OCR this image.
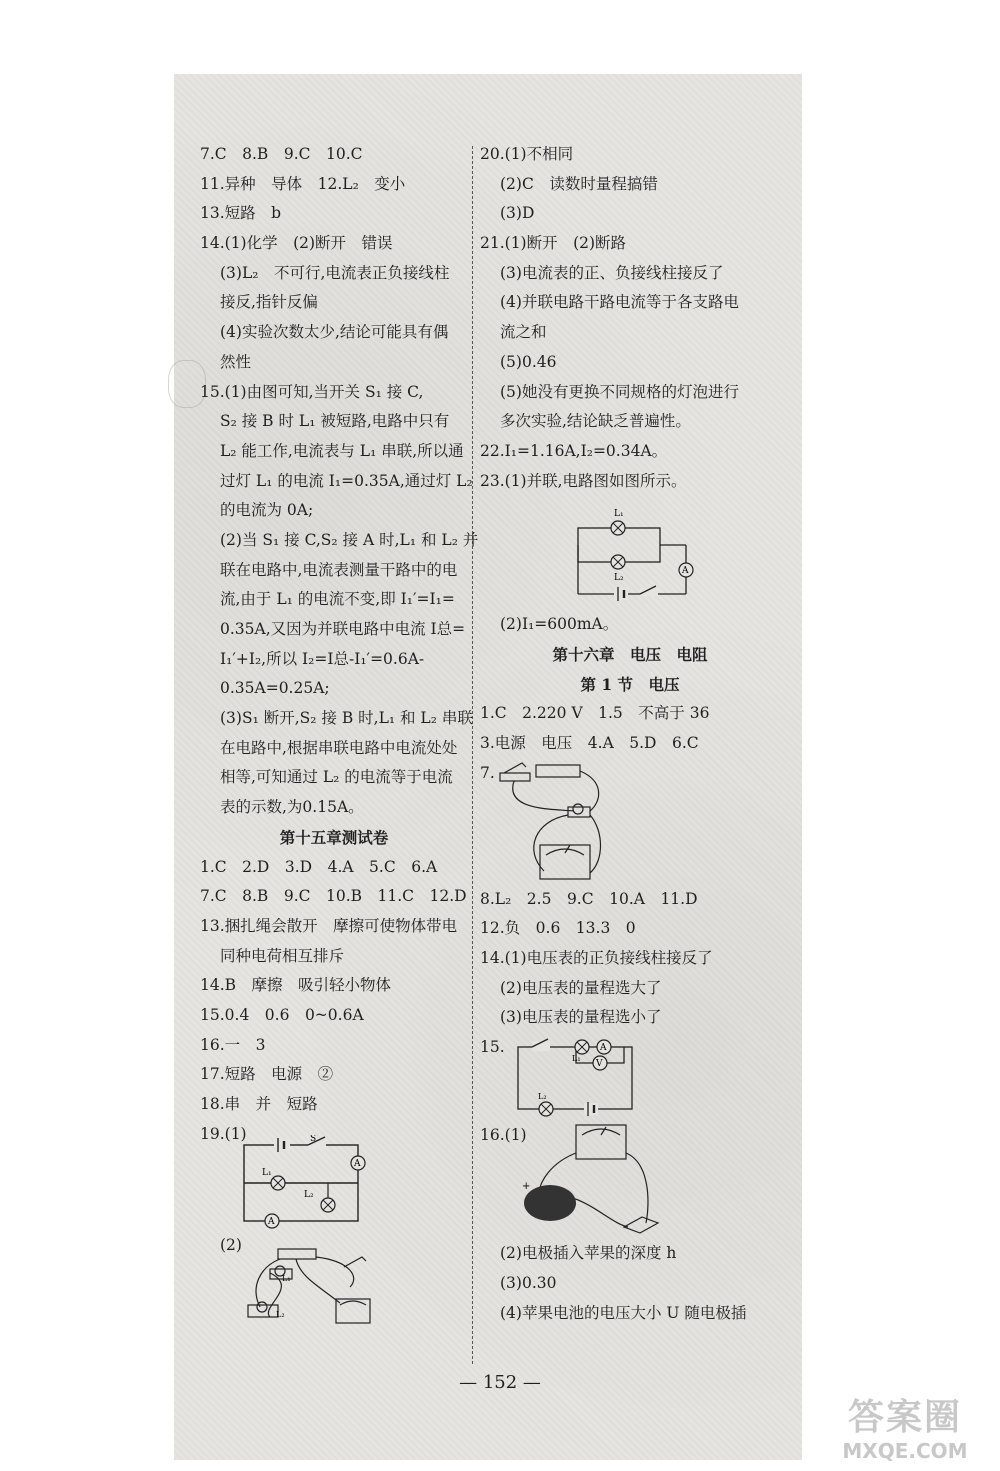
7.C　8.B　9.C　10.C
11.异种　导体　12.L₂　变小
13.短路　b
14.(1)化学　(2)断开　错误
(3)L₂　不可行,电流表正负接线柱
接反,指针反偏
(4)实验次数太少,结论可能具有偶
然性
15.(1)由图可知,当开关 S₁ 接 C,
S₂ 接 B 时 L₁ 被短路,电路中只有
L₂ 能工作,电流表与 L₁ 串联,所以通
过灯 L₁ 的电流 I₁=0.35A,通过灯 L₂
的电流为 0A;
(2)当 S₁ 接 C,S₂ 接 A 时,L₁ 和 L₂ 并
联在电路中,电流表测量干路中的电
流,由于 L₁ 的电流不变,即 I₁′=I₁=
0.35A,又因为并联电路中电流 I总=
I₁′+I₂,所以 I₂=I总-I₁′=0.6A-
0.35A=0.25A;
(3)S₁ 断开,S₂ 接 B 时,L₁ 和 L₂ 串联
在电路中,根据串联电路中电流处处
相等,可知通过 L₂ 的电流等于电流
表的示数,为0.15A。
第十五章测试卷
1.C　2.D　3.D　4.A　5.C　6.A
7.C　8.B　9.C　10.B　11.C　12.D
13.捆扎绳会散开　摩擦可使物体带电
同种电荷相互排斥
14.B　摩擦　吸引轻小物体
15.0.4　0.6　0~0.6A
16.一　3
17.短路　电源　②
18.串　并　短路
19.(1)	S
A
L₁
L₂
A
(2)
L₁
L₂
20.(1)不相同
(2)C　读数时量程搞错
(3)D
21.(1)断开　(2)断路
(3)电流表的正、负接线柱接反了
(4)并联电路干路电流等于各支路电
流之和
(5)0.46
(5)她没有更换不同规格的灯泡进行
多次实验,结论缺乏普遍性。
22.I₁=1.16A,I₂=0.34A。
23.(1)并联,电路图如图所示。
L₁
L₂
A
(2)I₁=600mA。
第十六章　电压　电阻
第 1 节　电压
1.C　2.220 V　1.5　不高于 36
3.电源　电压　4.A　5.D　6.C
7.
8.L₂　2.5　9.C　10.A　11.D
12.负　0.6　13.3　0
14.(1)电压表的正负接线柱接反了
(2)电压表的量程选大了
(3)电压表的量程选小了
15.	A
V
L₁
L₂
16.(1)
+
(2)电极插入苹果的深度 h
(3)0.30
(4)苹果电池的电压大小 U 随电极插
— 152 —
答案圈
MXQE.COM
